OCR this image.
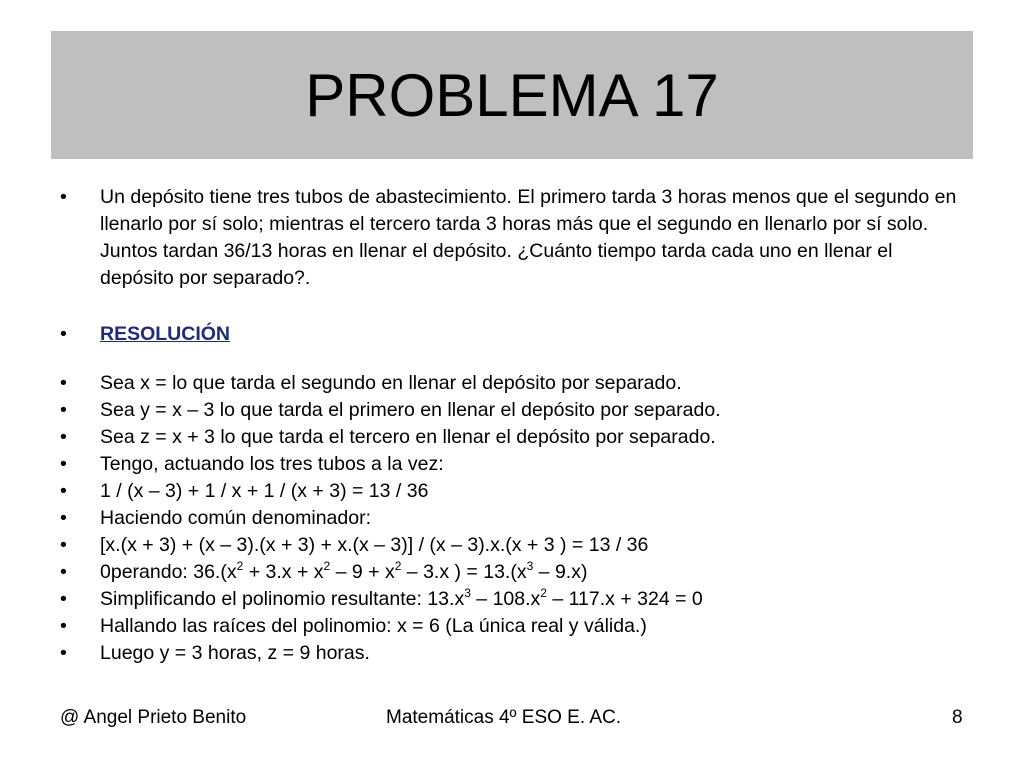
PROBLEMA 17
•	Un depósito tiene tres tubos de abastecimiento. El primero tarda 3 horas menos que el segundo en llenarlo por sí solo; mientras el tercero tarda 3 horas más que el segundo en llenarlo por sí solo. Juntos tardan 36/13 horas en llenar el depósito. ¿Cuánto tiempo tarda cada uno en llenar el depósito por separado?.
•	RESOLUCIÓN
•	Sea x = lo que tarda el segundo en llenar el depósito por separado.
•	Sea y = x – 3 lo que tarda el primero en llenar el depósito por separado.
•	Sea z = x + 3 lo que tarda el tercero en llenar el depósito por separado.
•	Tengo, actuando los tres tubos a la vez:
•	1 / (x – 3) + 1 / x + 1 / (x + 3) = 13 / 36
•	Haciendo común denominador:
•	[x.(x + 3) + (x – 3).(x + 3) + x.(x – 3)] / (x – 3).x.(x + 3 ) = 13 / 36
•	0perando: $36.(x^2 + 3.x + x^2 - 9 + x^2 - 3.x$ ) = $13.(x^3 - 9.x)$
•	Simplificando el polinomio resultante: $13.x^3 - 108.x^2 - 117.x + 324 = 0$
•	Hallando las raíces del polinomio: x = 6 (La única real y válida.)
•	Luego y = 3 horas, z = 9 horas.
@ Angel Prieto Benito	Matemáticas 4º ESO E. AC.	8
